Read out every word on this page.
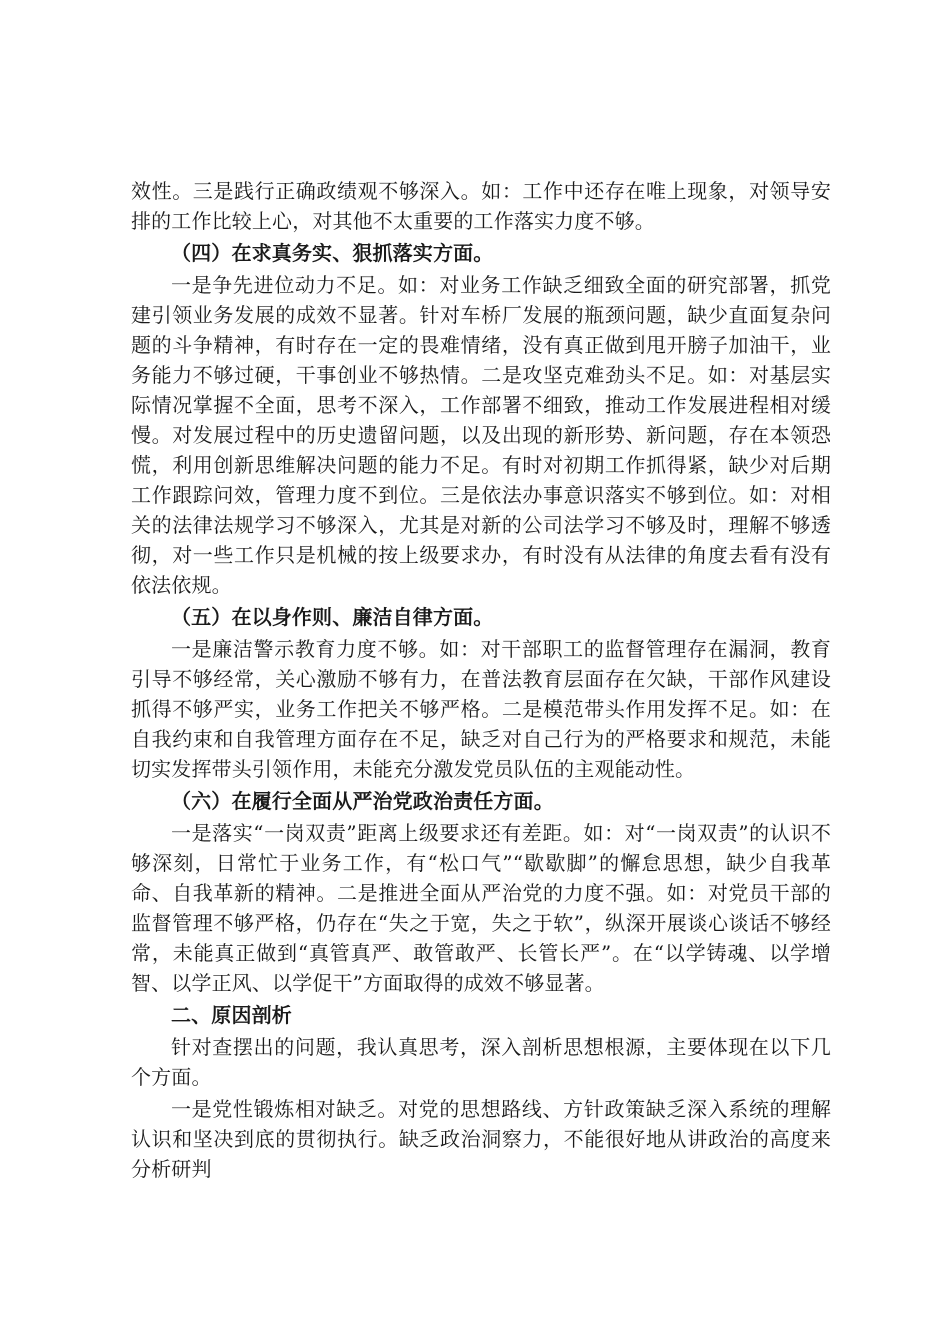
效性。三是践行正确政绩观不够深入。如：工作中还存在唯上现象，对领导安排的工作比较上心，对其他不太重要的工作落实力度不够。

（四）在求真务实、狠抓落实方面。

一是争先进位动力不足。如：对业务工作缺乏细致全面的研究部署，抓党建引领业务发展的成效不显著。针对车桥厂发展的瓶颈问题，缺少直面复杂问题的斗争精神，有时存在一定的畏难情绪，没有真正做到甩开膀子加油干，业务能力不够过硬，干事创业不够热情。二是攻坚克难劲头不足。如：对基层实际情况掌握不全面，思考不深入，工作部署不细致，推动工作发展进程相对缓慢。对发展过程中的历史遗留问题，以及出现的新形势、新问题，存在本领恐慌，利用创新思维解决问题的能力不足。有时对初期工作抓得紧，缺少对后期工作跟踪问效，管理力度不到位。三是依法办事意识落实不够到位。如：对相关的法律法规学习不够深入，尤其是对新的公司法学习不够及时，理解不够透彻，对一些工作只是机械的按上级要求办，有时没有从法律的角度去看有没有依法依规。

（五）在以身作则、廉洁自律方面。

一是廉洁警示教育力度不够。如：对干部职工的监督管理存在漏洞，教育引导不够经常，关心激励不够有力，在普法教育层面存在欠缺，干部作风建设抓得不够严实，业务工作把关不够严格。二是模范带头作用发挥不足。如：在自我约束和自我管理方面存在不足，缺乏对自己行为的严格要求和规范，未能切实发挥带头引领作用，未能充分激发党员队伍的主观能动性。

（六）在履行全面从严治党政治责任方面。

一是落实“一岗双责”距离上级要求还有差距。如：对“一岗双责”的认识不够深刻，日常忙于业务工作，有“松口气”“歇歇脚”的懈怠思想，缺少自我革命、自我革新的精神。二是推进全面从严治党的力度不强。如：对党员干部的监督管理不够严格，仍存在“失之于宽，失之于软”，纵深开展谈心谈话不够经常，未能真正做到“真管真严、敢管敢严、长管长严”。在“以学铸魂、以学增智、以学正风、以学促干”方面取得的成效不够显著。

二、原因剖析

针对查摆出的问题，我认真思考，深入剖析思想根源，主要体现在以下几个方面。

一是党性锻炼相对缺乏。对党的思想路线、方针政策缺乏深入系统的理解认识和坚决到底的贯彻执行。缺乏政治洞察力，不能很好地从讲政治的高度来分析研判
